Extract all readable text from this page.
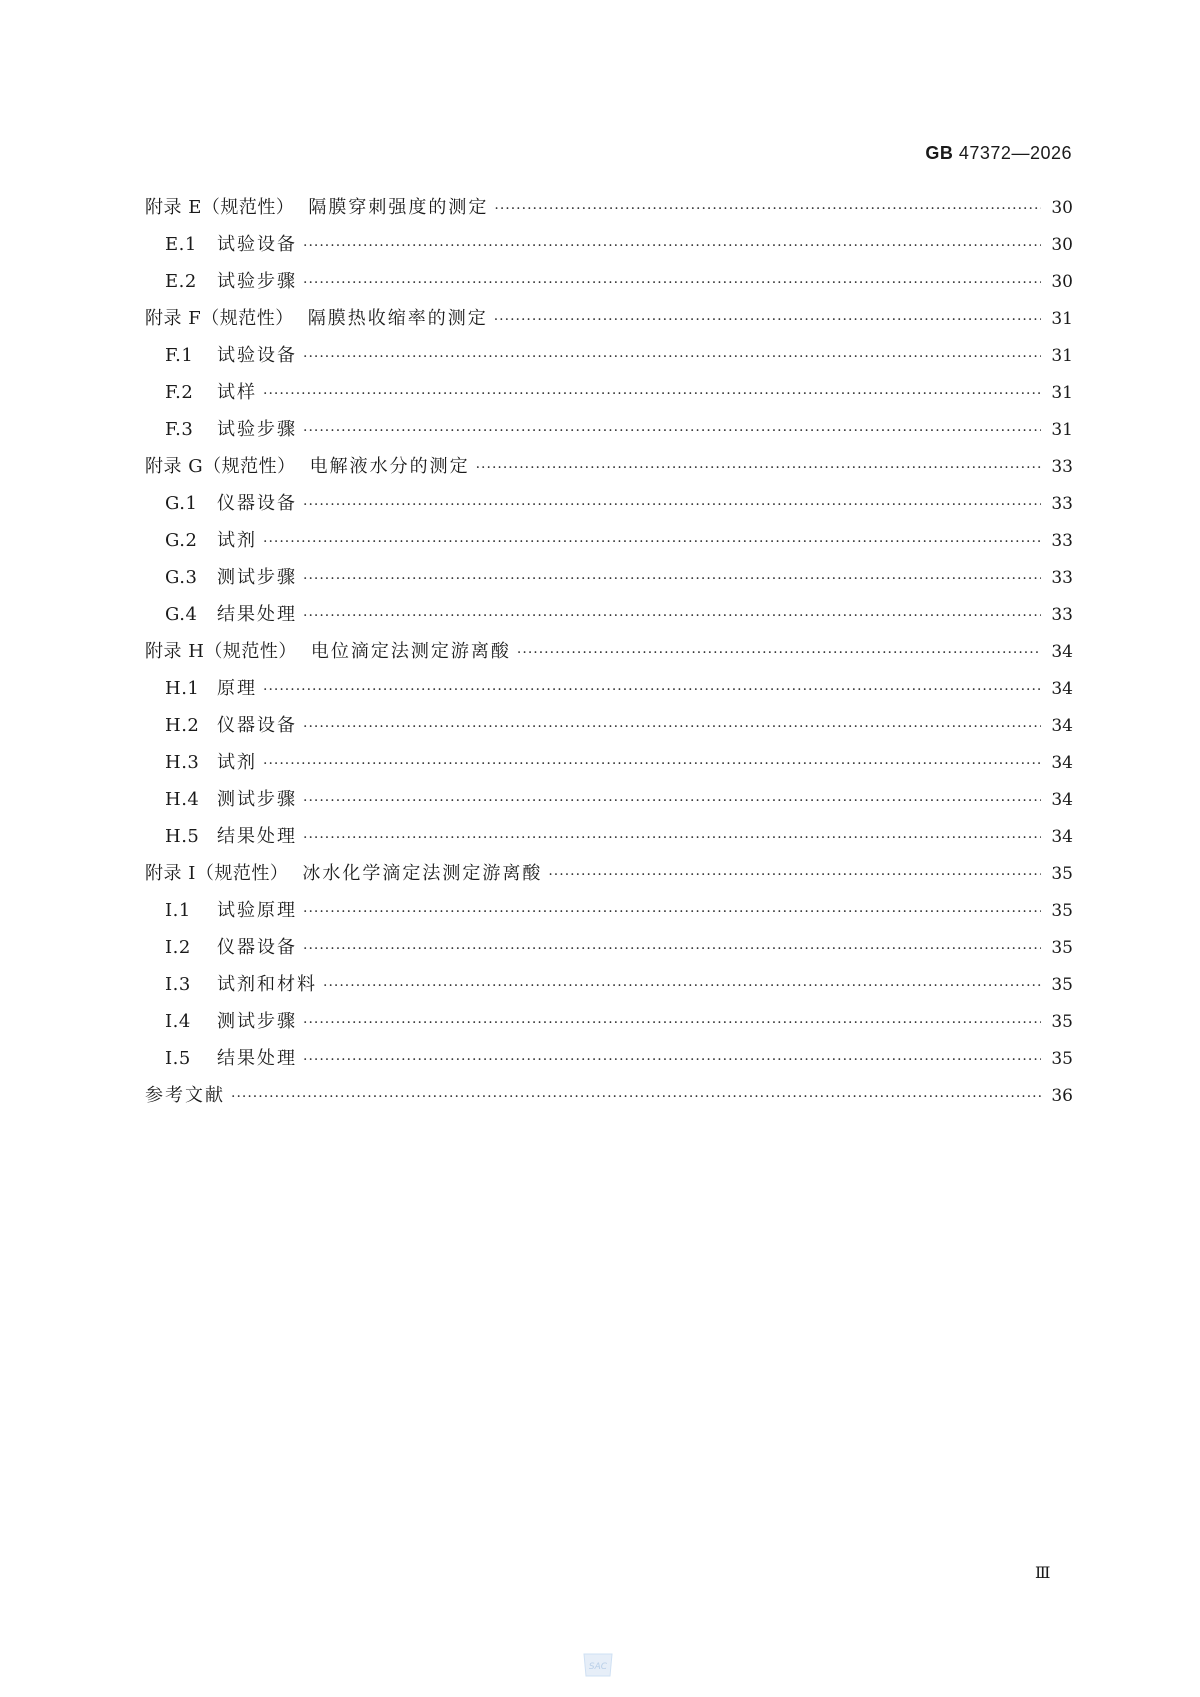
GB 47372—2026
附录 E（规范性） 隔膜穿刺强度的测定 ·····	30
E.1	试验设备 ·····	30
E.2	试验步骤 ·····	30
附录 F（规范性） 隔膜热收缩率的测定 ·····	31
F.1	试验设备 ·····	31
F.2	试样 ·····	31
F.3	试验步骤 ·····	31
附录 G（规范性） 电解液水分的测定 ·····	33
G.1	仪器设备 ·····	33
G.2	试剂 ·····	33
G.3	测试步骤 ·····	33
G.4	结果处理 ·····	33
附录 H（规范性） 电位滴定法测定游离酸 ·····	34
H.1 原理 ·····	34
H.2 仪器设备 ·····	34
H.3 试剂 ·····	34
H.4 测试步骤 ·····	34
H.5 结果处理 ·····	34
附录 I（规范性） 冰水化学滴定法测定游离酸 ·····	35
I.1	试验原理 ·····	35
I.2	仪器设备 ·····	35
I.3	试剂和材料 ·····	35
I.4	测试步骤 ·····	35
I.5	结果处理 ·····	35
参考文献 ·····	36
Ⅲ
SAC
